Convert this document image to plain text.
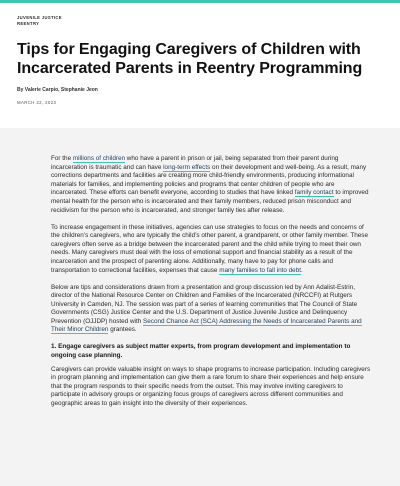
JUVENILE JUSTICE
REENTRY
Tips for Engaging Caregivers of Children with Incarcerated Parents in Reentry Programming
By Valerie Carpio, Stephanie Jeon
MARCH 22, 2023

For the millions of children who have a parent in prison or jail, being separated from their parent during incarceration is traumatic and can have long-term effects on their development and well-being. As a result, many corrections departments and facilities are creating more child-friendly environments, producing informational materials for families, and implementing policies and programs that center children of people who are incarcerated. These efforts can benefit everyone, according to studies that have linked family contact to improved mental health for the person who is incarcerated and their family members, reduced prison misconduct and recidivism for the person who is incarcerated, and stronger family ties after release.

To increase engagement in these initiatives, agencies can use strategies to focus on the needs and concerns of the children’s caregivers, who are typically the child’s other parent, a grandparent, or other family member. These caregivers often serve as a bridge between the incarcerated parent and the child while trying to meet their own needs. Many caregivers must deal with the loss of emotional support and financial stability as a result of the incarceration and the prospect of parenting alone. Additionally, many have to pay for phone calls and transportation to correctional facilities, expenses that cause many families to fall into debt.

Below are tips and considerations drawn from a presentation and group discussion led by Ann Adalist-Estrin, director of the National Resource Center on Children and Families of the Incarcerated (NRCCFI) at Rutgers University in Camden, NJ. The session was part of a series of learning communities that The Council of State Governments (CSG) Justice Center and the U.S. Department of Justice Juvenile Justice and Delinquency Prevention (OJJDP) hosted with Second Chance Act (SCA) Addressing the Needs of Incarcerated Parents and Their Minor Children grantees.

1. Engage caregivers as subject matter experts, from program development and implementation to ongoing case planning.

Caregivers can provide valuable insight on ways to shape programs to increase participation. Including caregivers in program planning and implementation can give them a rare forum to share their experiences and help ensure that the program responds to their specific needs from the outset. This may involve inviting caregivers to participate in advisory groups or organizing focus groups of caregivers across different communities and geographic areas to gain insight into the diversity of their experiences.
